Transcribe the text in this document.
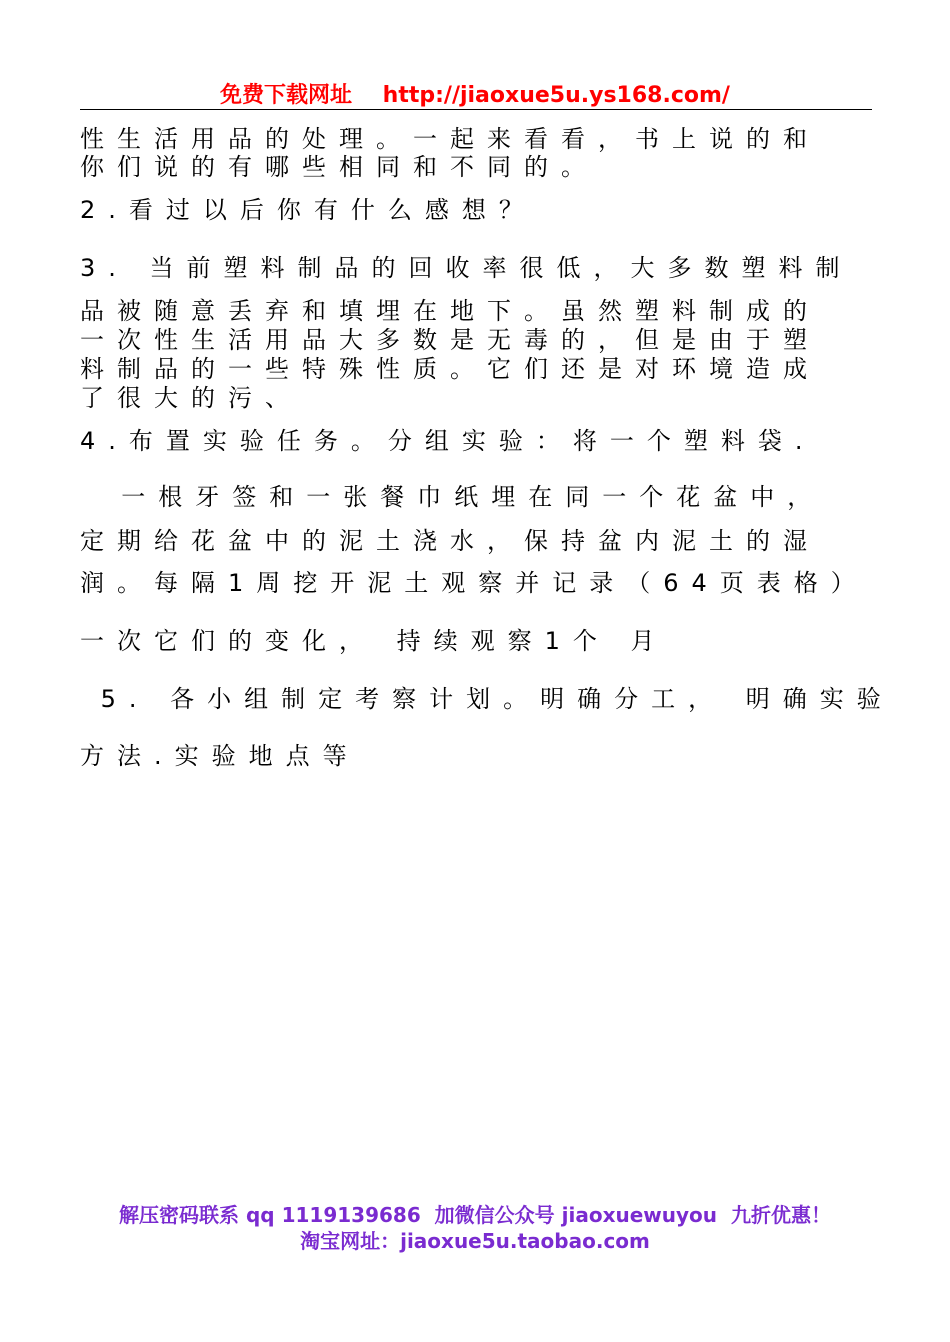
免费下载网址    http://jiaoxue5u.ys168.com/
性生活用品的处理。一起来看看，书上说的和
你们说的有哪些相同和不同的。
2.看过以后你有什么感想？
3. 当前塑料制品的回收率很低，大多数塑料制
品被随意丢弃和填埋在地下。虽然塑料制成的
一次性生活用品大多数是无毒的，但是由于塑
料制品的一些特殊性质。它们还是对环境造成
了很大的污、
4.布置实验任务。分组实验：将一个塑料袋.
一根牙签和一张餐巾纸埋在同一个花盆中，
定期给花盆中的泥土浇水，保持盆内泥土的湿
润。每隔1周挖开泥土观察并记录（64页表格）
一次它们的变化， 持续观察1个 月
5. 各小组制定考察计划。明确分工， 明确实验
方法.实验地点等
解压密码联系 qq 1119139686  加微信公众号 jiaoxuewuyou  九折优惠！
淘宝网址：jiaoxue5u.taobao.com
